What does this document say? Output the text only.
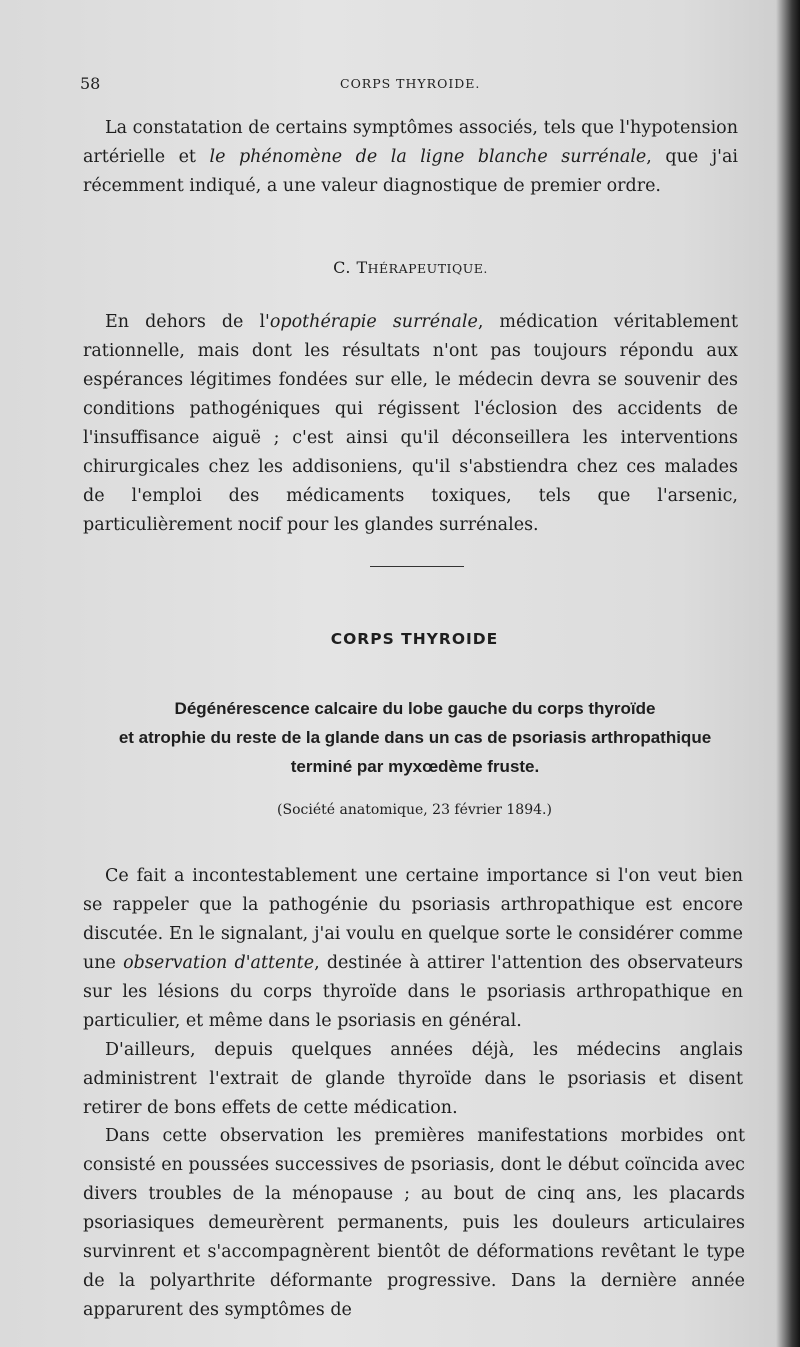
58	CORPS THYROIDE.

La constatation de certains symptômes associés, tels que l'hypotension artérielle et le phénomène de la ligne blanche surrénale, que j'ai récemment indiqué, a une valeur diagnostique de premier ordre.

C. THÉRAPEUTIQUE.

En dehors de l'opothérapie surrénale, médication véritablement rationnelle, mais dont les résultats n'ont pas toujours répondu aux espérances légitimes fondées sur elle, le médecin devra se souvenir des conditions pathogéniques qui régissent l'éclosion des accidents de l'insuffisance aiguë ; c'est ainsi qu'il déconseillera les interventions chirurgicales chez les addisoniens, qu'il s'abstiendra chez ces malades de l'emploi des médicaments toxiques, tels que l'arsenic, particulièrement nocif pour les glandes surrénales.

CORPS THYROIDE
Dégénérescence calcaire du lobe gauche du corps thyroïde
et atrophie du reste de la glande dans un cas de psoriasis arthropathique
terminé par myxœdème fruste.
(Société anatomique, 23 février 1894.)

Ce fait a incontestablement une certaine importance si l'on veut bien se rappeler que la pathogénie du psoriasis arthropathique est encore discutée. En le signalant, j'ai voulu en quelque sorte le considérer comme une observation d'attente, destinée à attirer l'attention des observateurs sur les lésions du corps thyroïde dans le psoriasis arthropathique en particulier, et même dans le psoriasis en général.

D'ailleurs, depuis quelques années déjà, les médecins anglais administrent l'extrait de glande thyroïde dans le psoriasis et disent retirer de bons effets de cette médication.

Dans cette observation les premières manifestations morbides ont consisté en poussées successives de psoriasis, dont le début coïncida avec divers troubles de la ménopause ; au bout de cinq ans, les placards psoriasiques demeurèrent permanents, puis les douleurs articulaires survinrent et s'accompagnèrent bientôt de déformations revêtant le type de la polyarthrite déformante progressive. Dans la dernière année apparurent des symptômes de
